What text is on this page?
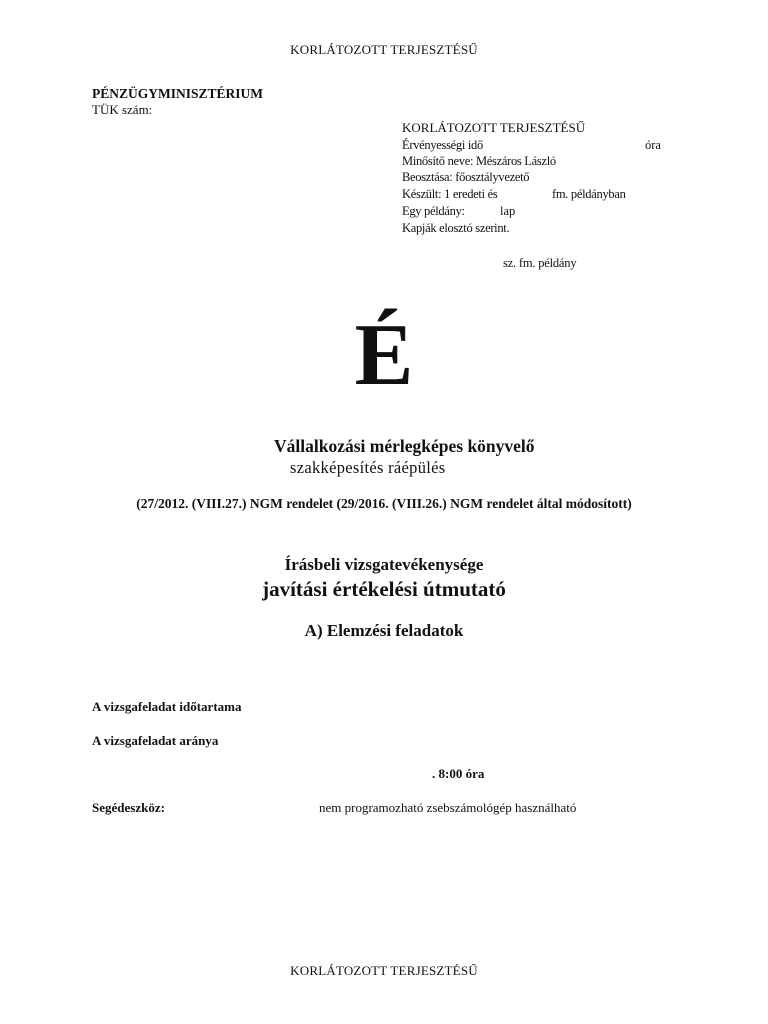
KORLÁTOZOTT TERJESZTÉSŰ
PÉNZÜGYMINISZTÉRIUM
TÜK szám:
KORLÁTOZOTT TERJESZTÉSŰ
Érvényességi idő	óra
Minősítő neve: Mészáros László
Beosztása: főosztályvezető
Készült: 1 eredeti és	fm. példányban
Egy példány:	lap
Kapják elosztó szerint.
sz. fm. példány
É
Vállalkozási mérlegképes könyvelő
szakképesítés ráépülés
(27/2012. (VIII.27.) NGM rendelet (29/2016. (VIII.26.) NGM rendelet által módosított)
Írásbeli vizsgatevékenysége
javítási értékelési útmutató
A) Elemzési feladatok
A vizsgafeladat időtartama
A vizsgafeladat aránya
. 8:00 óra
Segédeszköz:	nem programozható zsebszámológép használható
KORLÁTOZOTT TERJESZTÉSŰ
